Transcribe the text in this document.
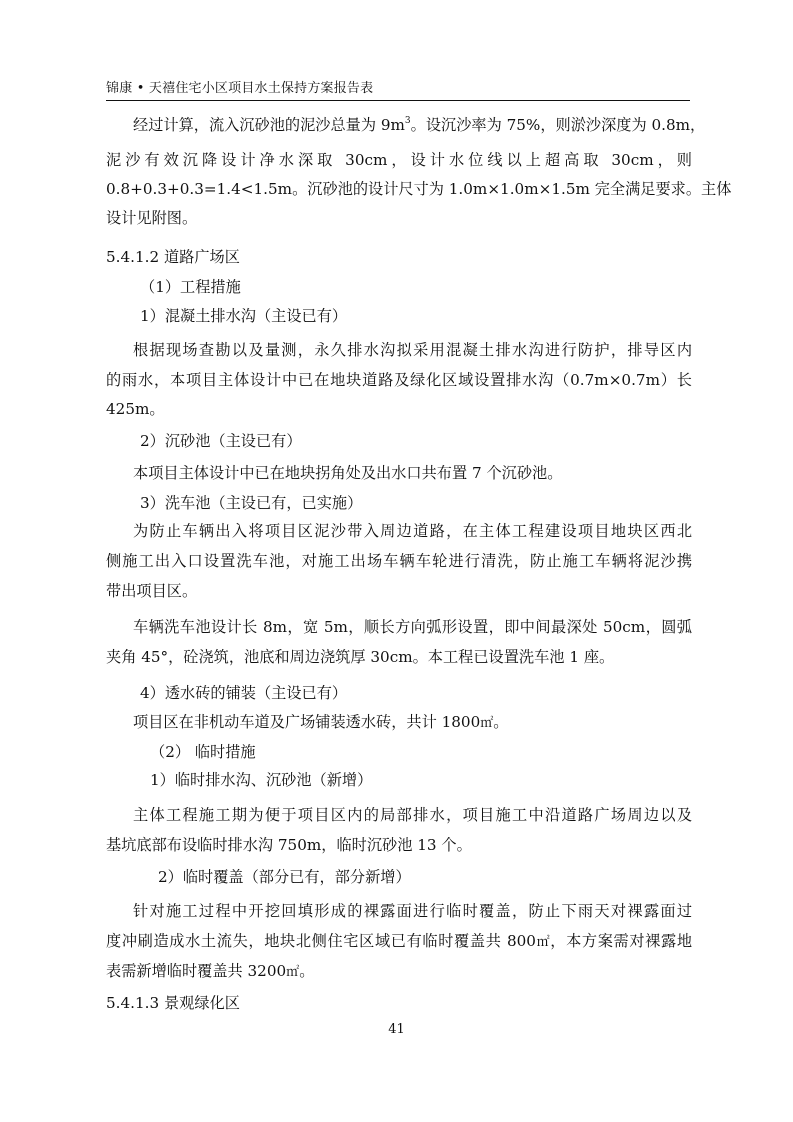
锦康 • 天禧住宅小区项目水土保持方案报告表
经过计算，流入沉砂池的泥沙总量为 $9m^3$。设沉沙率为 75%，则淤沙深度为 0.8m，
泥沙有效沉降设计净水深取 30cm，设计水位线以上超高取 30cm，则
0.8+0.3+0.3=1.4<1.5m。沉砂池的设计尺寸为 1.0m×1.0m×1.5m 完全满足要求。主体
设计见附图。
5.4.1.2 道路广场区
（1）工程措施
1）混凝土排水沟（主设已有）
根据现场查勘以及量测，永久排水沟拟采用混凝土排水沟进行防护，排导区内
的雨水，本项目主体设计中已在地块道路及绿化区域设置排水沟（0.7m×0.7m）长
425m。
2）沉砂池（主设已有）
本项目主体设计中已在地块拐角处及出水口共布置 7 个沉砂池。
3）洗车池（主设已有，已实施）
为防止车辆出入将项目区泥沙带入周边道路，在主体工程建设项目地块区西北
侧施工出入口设置洗车池，对施工出场车辆车轮进行清洗，防止施工车辆将泥沙携
带出项目区。
车辆洗车池设计长 8m，宽 5m，顺长方向弧形设置，即中间最深处 50cm，圆弧
夹角 45°，砼浇筑，池底和周边浇筑厚 30cm。本工程已设置洗车池 1 座。
4）透水砖的铺装（主设已有）
项目区在非机动车道及广场铺装透水砖，共计 1800㎡。
（2） 临时措施
1）临时排水沟、沉砂池（新增）
主体工程施工期为便于项目区内的局部排水，项目施工中沿道路广场周边以及
基坑底部布设临时排水沟 750m，临时沉砂池 13 个。
2）临时覆盖（部分已有，部分新增）
针对施工过程中开挖回填形成的裸露面进行临时覆盖，防止下雨天对裸露面过
度冲刷造成水土流失，地块北侧住宅区域已有临时覆盖共 800㎡，本方案需对裸露地
表需新增临时覆盖共 3200㎡。
5.4.1.3 景观绿化区
41
